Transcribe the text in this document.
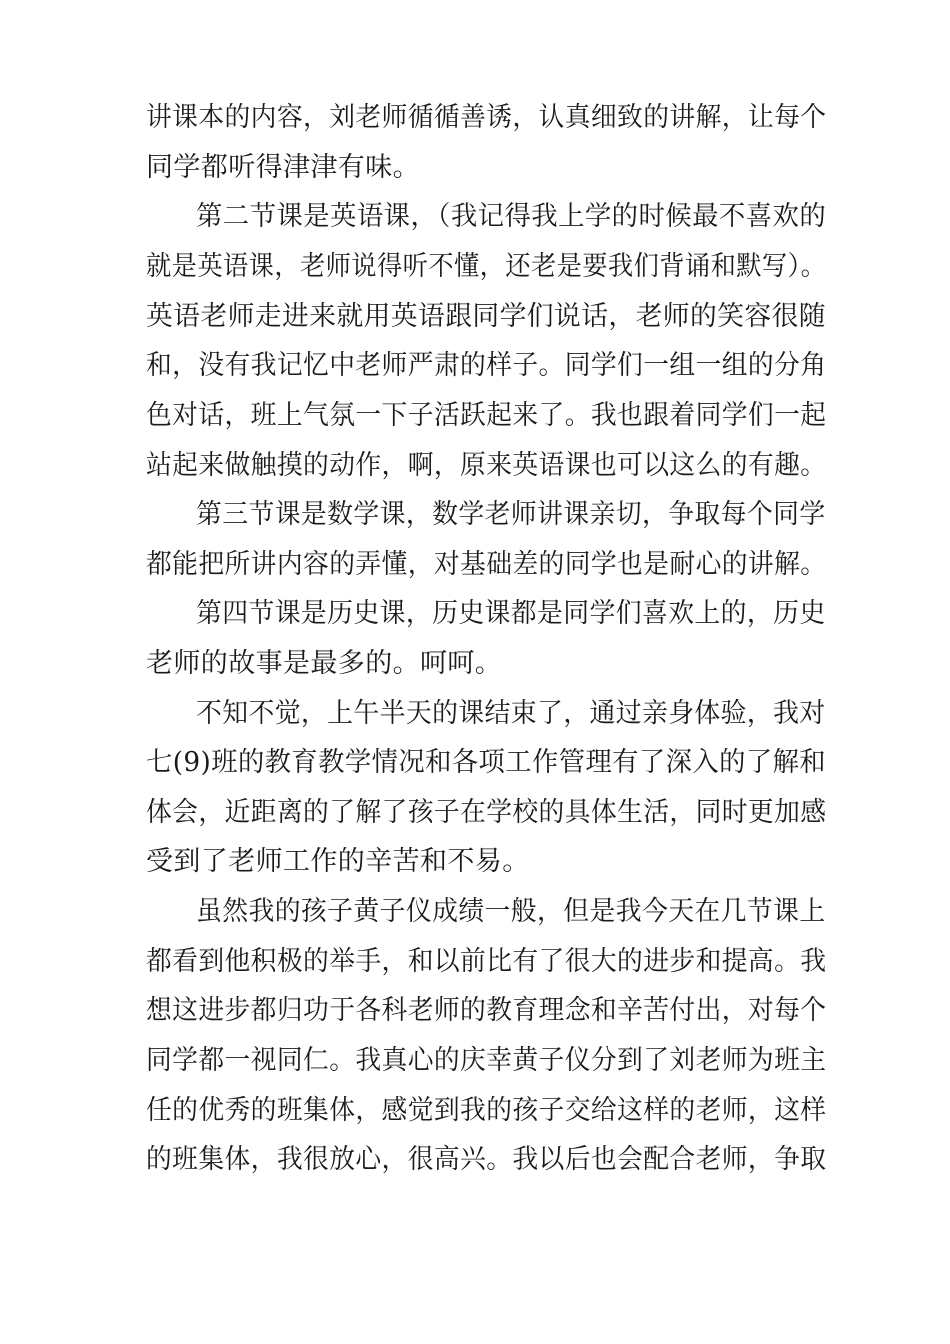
讲课本的内容，刘老师循循善诱，认真细致的讲解，让每个
同学都听得津津有味。
第二节课是英语课，（我记得我上学的时候最不喜欢的
就是英语课，老师说得听不懂，还老是要我们背诵和默写）。
英语老师走进来就用英语跟同学们说话，老师的笑容很随
和，没有我记忆中老师严肃的样子。同学们一组一组的分角
色对话，班上气氛一下子活跃起来了。我也跟着同学们一起
站起来做触摸的动作，啊，原来英语课也可以这么的有趣。
第三节课是数学课，数学老师讲课亲切，争取每个同学
都能把所讲内容的弄懂，对基础差的同学也是耐心的讲解。
第四节课是历史课，历史课都是同学们喜欢上的，历史
老师的故事是最多的。呵呵。
不知不觉，上午半天的课结束了，通过亲身体验，我对
七(9)班的教育教学情况和各项工作管理有了深入的了解和
体会，近距离的了解了孩子在学校的具体生活，同时更加感
受到了老师工作的辛苦和不易。
虽然我的孩子黄子仪成绩一般，但是我今天在几节课上
都看到他积极的举手，和以前比有了很大的进步和提高。我
想这进步都归功于各科老师的教育理念和辛苦付出，对每个
同学都一视同仁。我真心的庆幸黄子仪分到了刘老师为班主
任的优秀的班集体，感觉到我的孩子交给这样的老师，这样
的班集体，我很放心，很高兴。我以后也会配合老师，争取
